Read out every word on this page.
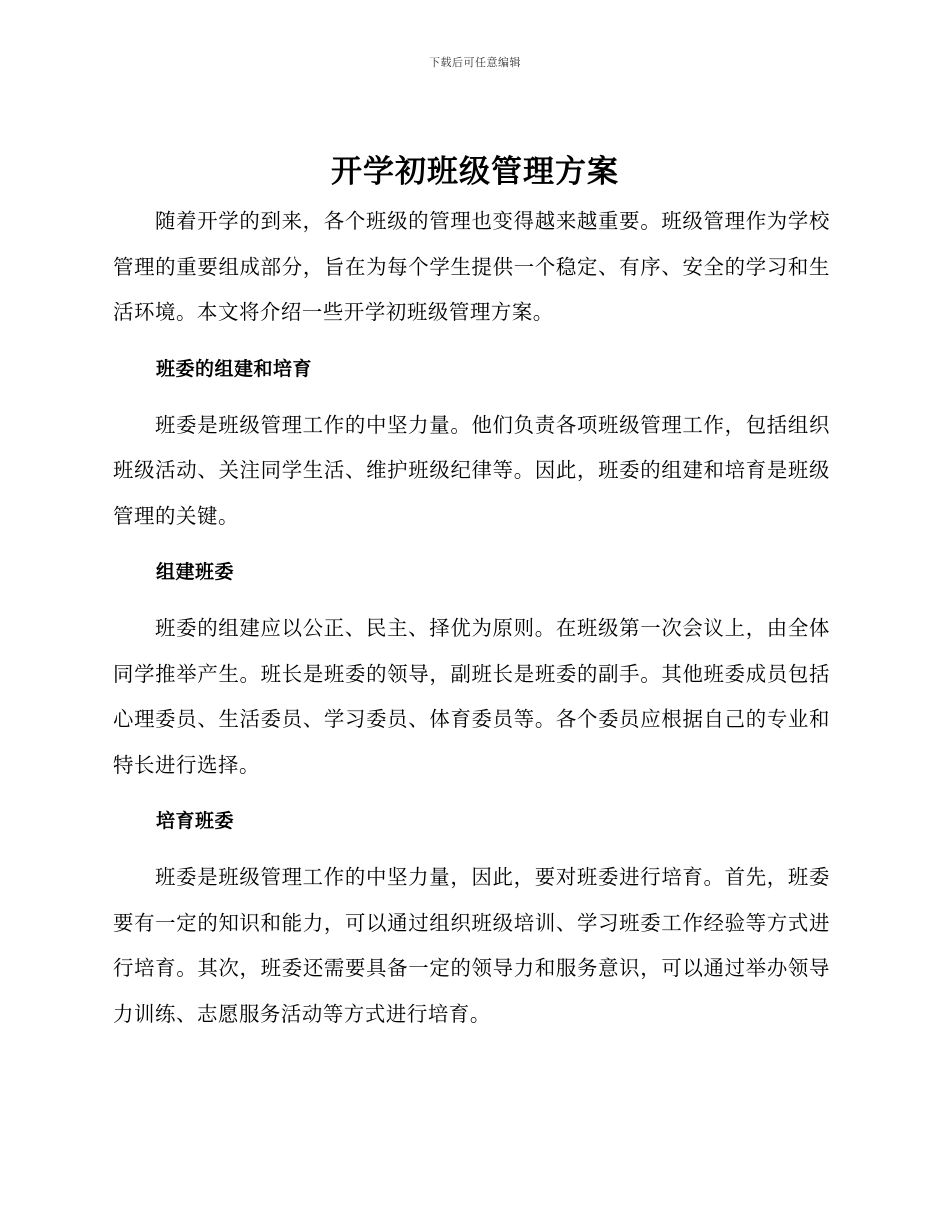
下载后可任意编辑
开学初班级管理方案

随着开学的到来，各个班级的管理也变得越来越重要。班级管理作为学校管理的重要组成部分，旨在为每个学生提供一个稳定、有序、安全的学习和生活环境。本文将介绍一些开学初班级管理方案。

班委的组建和培育

班委是班级管理工作的中坚力量。他们负责各项班级管理工作，包括组织班级活动、关注同学生活、维护班级纪律等。因此，班委的组建和培育是班级管理的关键。

组建班委

班委的组建应以公正、民主、择优为原则。在班级第一次会议上，由全体同学推举产生。班长是班委的领导，副班长是班委的副手。其他班委成员包括心理委员、生活委员、学习委员、体育委员等。各个委员应根据自己的专业和特长进行选择。

培育班委

班委是班级管理工作的中坚力量，因此，要对班委进行培育。首先，班委要有一定的知识和能力，可以通过组织班级培训、学习班委工作经验等方式进行培育。其次，班委还需要具备一定的领导力和服务意识，可以通过举办领导力训练、志愿服务活动等方式进行培育。
